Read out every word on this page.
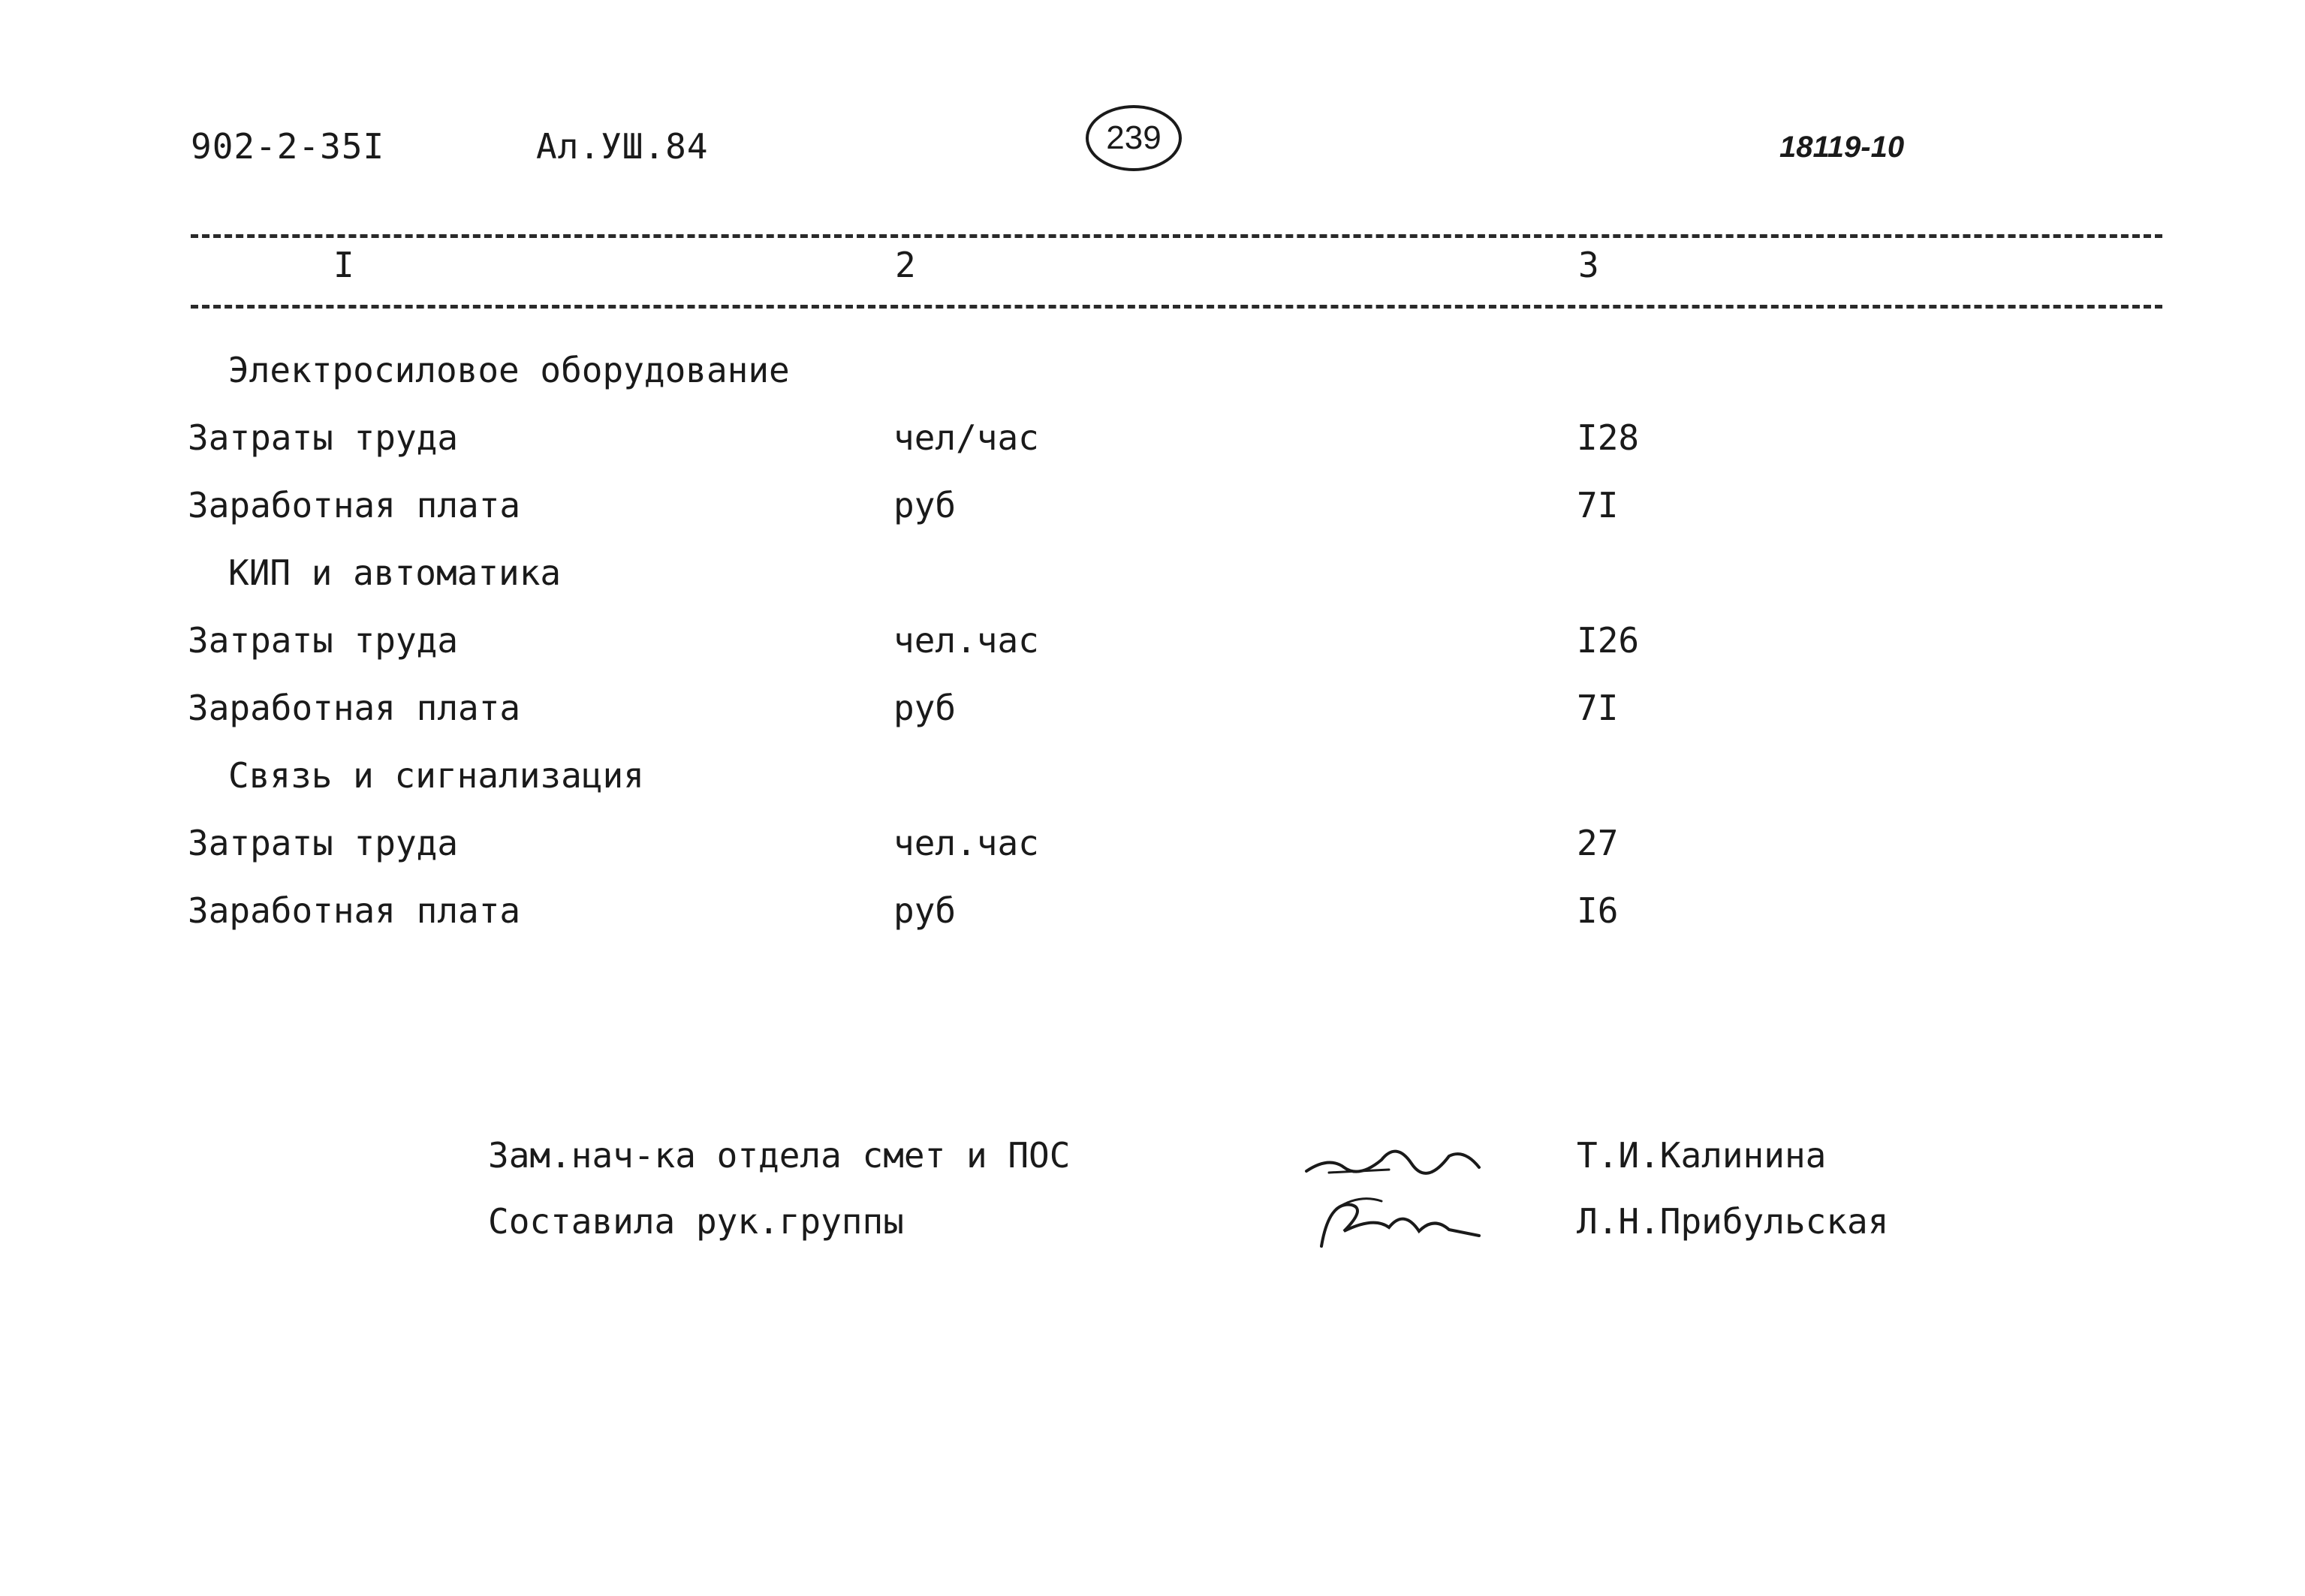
902-2-35I	Ал.УШ.84	239	18119-10
I	2	3
Электросиловое оборудование
Затраты труда	чел/час	I28
Заработная плата	руб	7I
КИП и автоматика
Затраты труда	чел.час	I26
Заработная плата	руб	7I
Связь и сигнализация
Затраты труда	чел.час	27
Заработная плата	руб	I6
Зам.нач-ка отдела смет и ПОС	Т.И.Калинина
Составила рук.группы	Л.Н.Прибульская
